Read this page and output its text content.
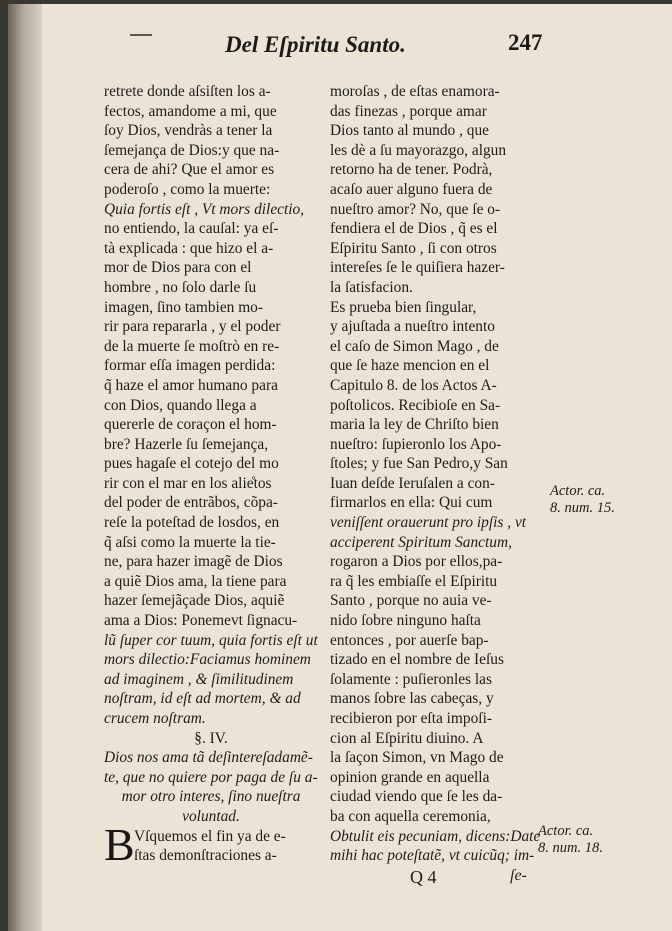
Del Eſpiritu Santo.	247
retrete donde aſsiſten los a-
fectos, amandome a mi, que
ſoy Dios, vendràs a tener la
ſemejança de Dios:y que na-
cera de ahi? Que el amor es
poderoſo , como la muerte:
Quia fortis eſt , Vt mors dilectio,
no entiendo, la cauſal: ya eſ-
tà explicada : que hizo el a-
mor de Dios para con el
hombre , no ſolo darle ſu
imagen, ſino tambien mo-
rir para repararla , y el poder
de la muerte ſe moſtrò en re-
formar eſſa imagen perdida:
q̃ haze el amor humano para
con Dios, quando llega a
quererle de coraçon el hom-
bre? Hazerle ſu ſemejança,
pues hagaſe el cotejo del mo
rir con el mar en los alie̊tos
del poder de entrãbos, cõpa-
reſe la poteſtad de losdos, en
q̃ aſsi como la muerte la tie-
ne, para hazer imagẽ de Dios
a quiẽ Dios ama, la tiene para
hazer ſemejãçade Dios, aquiẽ
ama a Dios: Ponemevt ſignacu-
lũ ſuper cor tuum, quia fortis eſt ut
mors dilectio:Faciamus hominem
ad imaginem , & ſimilitudinem
noſtram, id eſt ad mortem, & ad
crucem noſtram.
§. IV.
Dios nos ama tã deſintereſadamẽ-
te, que no quiere por paga de ſu a-
mor otro interes, ſino nueſtra
voluntad.
Vſquemos el fin ya de e-
ſtas demonſtraciones a-
B
moroſas , de eſtas enamora-
das finezas , porque amar
Dios tanto al mundo , que
les dè a ſu mayorazgo, algun
retorno ha de tener. Podrà,
acaſo auer alguno fuera de
nueſtro amor? No, que ſe o-
fendiera el de Dios , q̃ es el
Eſpiritu Santo , ſi con otros
intereſes ſe le quiſiera hazer-
la ſatisfacion.
Es prueba bien ſingular,
y ajuſtada a nueſtro intento
el caſo de Simon Mago , de
que ſe haze mencion en el
Capitulo 8. de los Actos A-
poſtolicos. Recibioſe en Sa-
maria la ley de Chriſto bien
nueſtro: ſupieronlo los Apo-
ſtoles; y fue San Pedro,y San
Iuan deſde Ieruſalen a con-
firmarlos en ella: Qui cum
veniſſent orauerunt pro ipſis , vt
acciperent Spiritum Sanctum,
rogaron a Dios por ellos,pa-
ra q̃ les embiaſſe el Eſpiritu
Santo , porque no auia ve-
nido ſobre ninguno haſta
entonces , por auerſe bap-
tizado en el nombre de Ieſus
ſolamente : puſieronles las
manos ſobre las cabeças, y
recibieron por eſta impoſi-
cion al Eſpiritu diuino. A
la ſaçon Simon, vn Mago de
opinion grande en aquella
ciudad viendo que ſe les da-
ba con aquella ceremonia,
Obtulit eis pecuniam, dicens:Date
mihi hac poteſtatẽ, vt cuicũq; im-
Actor. ca.
8. num. 15.
Actor. ca.
8. num. 18.
Q 4	ſe-
